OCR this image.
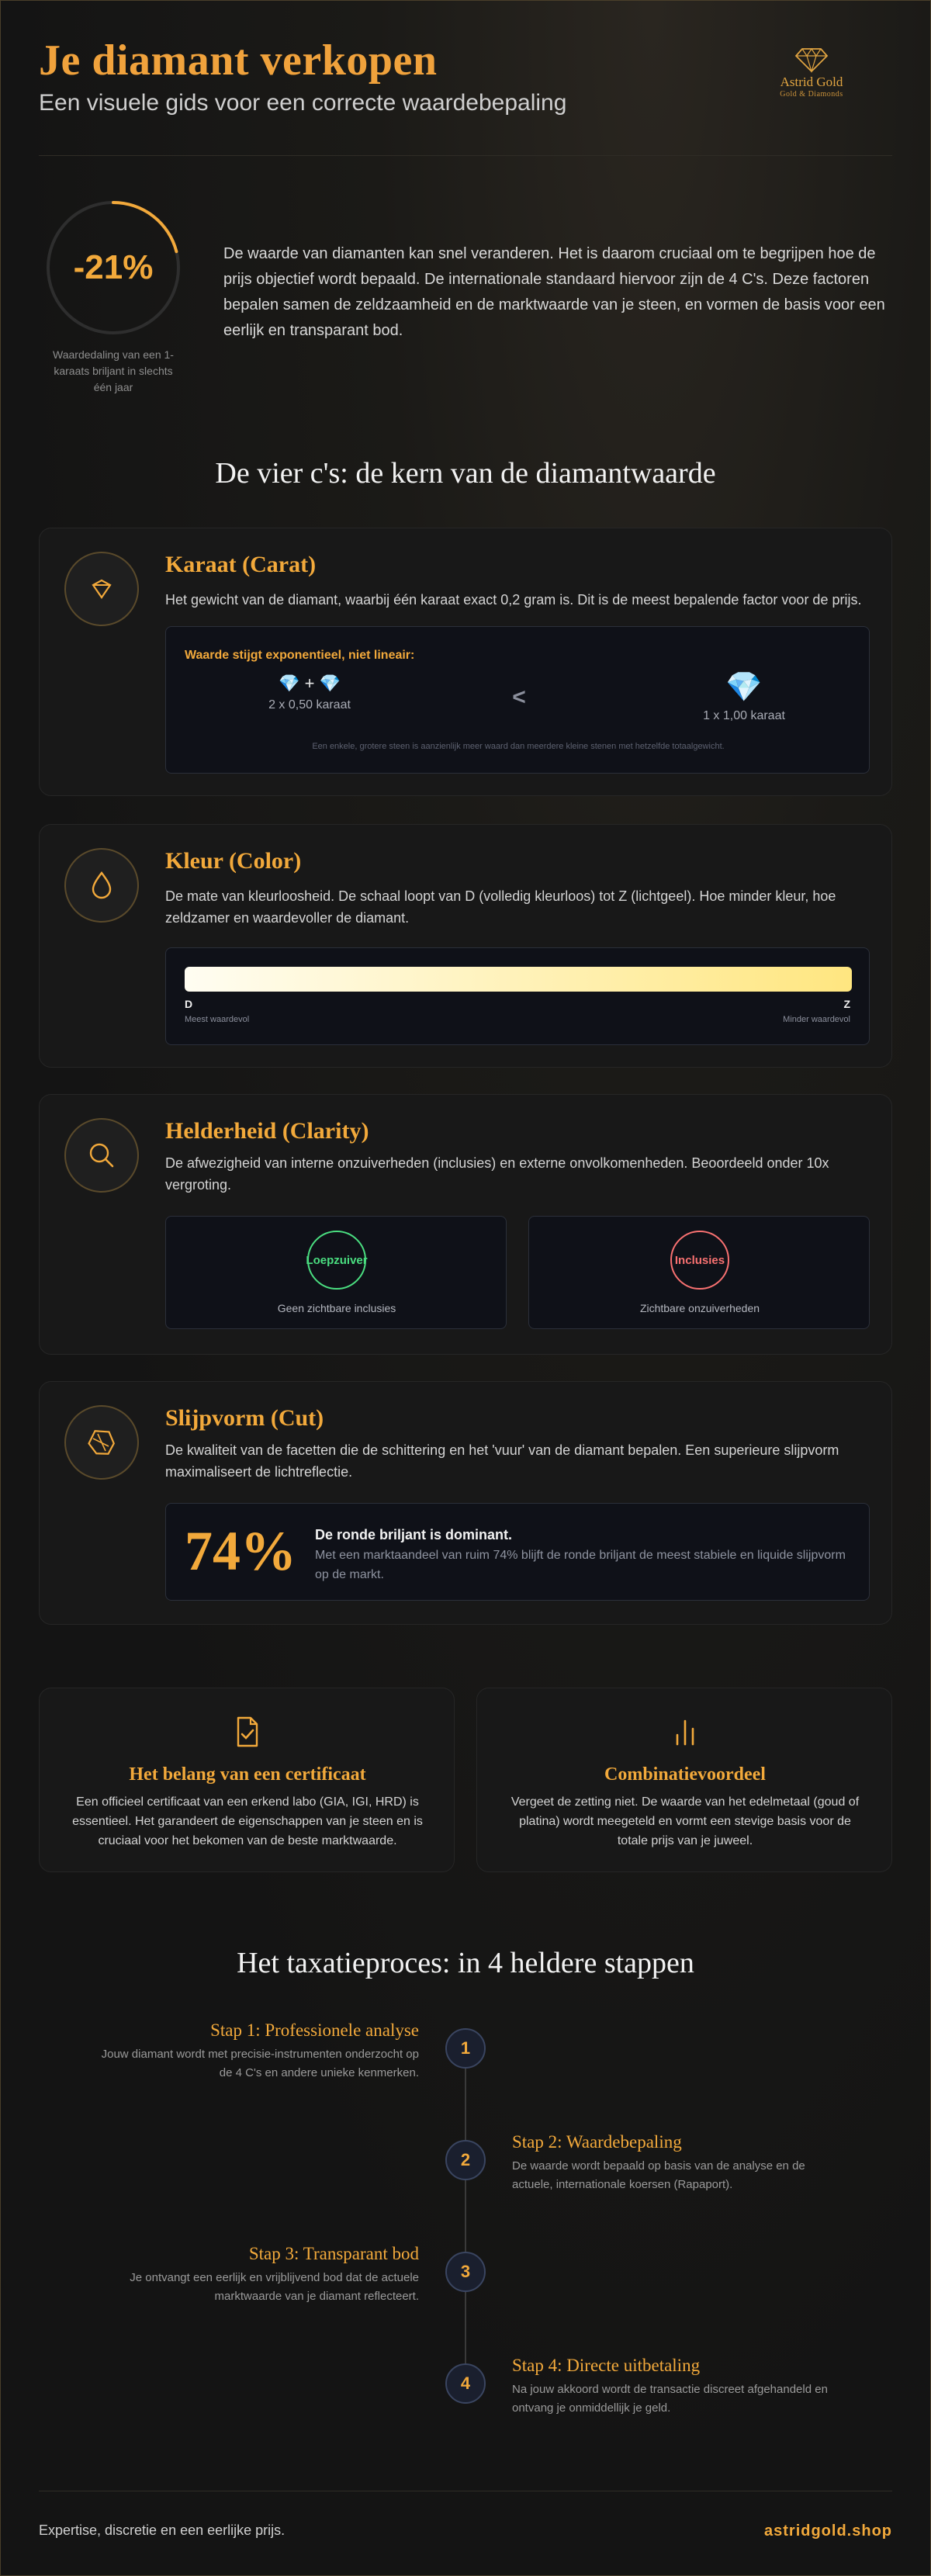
Je diamant verkopen
Een visuele gids voor een correcte waardebepaling
Astrid Gold
Gold & Diamonds
-21%
Waardedaling van een 1-karaats briljant in slechts één jaar
De waarde van diamanten kan snel veranderen. Het is daarom cruciaal om te begrijpen hoe de prijs objectief wordt bepaald. De internationale standaard hiervoor zijn de 4 C's. Deze factoren bepalen samen de zeldzaamheid en de marktwaarde van je steen, en vormen de basis voor een eerlijk en transparant bod.
De vier c's: de kern van de diamantwaarde
Karaat (Carat)
Het gewicht van de diamant, waarbij één karaat exact 0,2 gram is. Dit is de meest bepalende factor voor de prijs.
Waarde stijgt exponentieel, niet lineair:
💎 + 💎
2 x 0,50 karaat	<	💎
1 x 1,00 karaat
Een enkele, grotere steen is aanzienlijk meer waard dan meerdere kleine stenen met hetzelfde totaalgewicht.
Kleur (Color)
De mate van kleurloosheid. De schaal loopt van D (volledig kleurloos) tot Z (lichtgeel). Hoe minder kleur, hoe zeldzamer en waardevoller de diamant.
D	Z
Meest waardevol	Minder waardevol
Helderheid (Clarity)
De afwezigheid van interne onzuiverheden (inclusies) en externe onvolkomenheden. Beoordeeld onder 10x vergroting.
Loepzuiver
Geen zichtbare inclusies
Inclusies
Zichtbare onzuiverheden
Slijpvorm (Cut)
De kwaliteit van de facetten die de schittering en het 'vuur' van de diamant bepalen. Een superieure slijpvorm maximaliseert de lichtreflectie.
74% De ronde briljant is dominant.
Met een marktaandeel van ruim 74% blijft de ronde briljant de meest stabiele en liquide slijpvorm op de markt.
Het belang van een certificaat
Een officieel certificaat van een erkend labo (GIA, IGI, HRD) is essentieel. Het garandeert de eigenschappen van je steen en is cruciaal voor het bekomen van de beste marktwaarde.
Combinatievoordeel
Vergeet de zetting niet. De waarde van het edelmetaal (goud of platina) wordt meegeteld en vormt een stevige basis voor de totale prijs van je juweel.
Het taxatieproces: in 4 heldere stappen
1
Stap 1: Professionele analyse
Jouw diamant wordt met precisie-instrumenten onderzocht op de 4 C's en andere unieke kenmerken.
2
Stap 2: Waardebepaling
De waarde wordt bepaald op basis van de analyse en de actuele, internationale koersen (Rapaport).
3
Stap 3: Transparant bod
Je ontvangt een eerlijk en vrijblijvend bod dat de actuele marktwaarde van je diamant reflecteert.
4
Stap 4: Directe uitbetaling
Na jouw akkoord wordt de transactie discreet afgehandeld en ontvang je onmiddellijk je geld.
Expertise, discretie en een eerlijke prijs.	astridgold.shop
